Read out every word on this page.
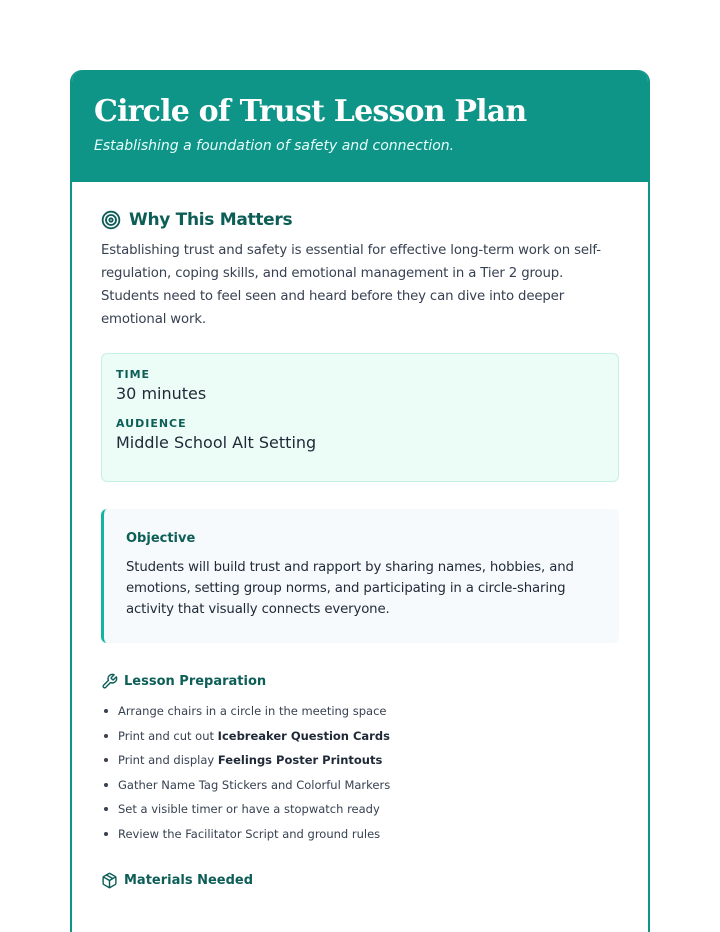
Circle of Trust Lesson Plan
Establishing a foundation of safety and connection.
Why This Matters

Establishing trust and safety is essential for effective long-term work on self-regulation, coping skills, and emotional management in a Tier 2 group. Students need to feel seen and heard before they can dive into deeper emotional work.

TIME
30 minutes
AUDIENCE
Middle School Alt Setting
Objective

Students will build trust and rapport by sharing names, hobbies, and emotions, setting group norms, and participating in a circle-sharing activity that visually connects everyone.

Lesson Preparation
Arrange chairs in a circle in the meeting space
Print and cut out Icebreaker Question Cards
Print and display Feelings Poster Printouts
Gather Name Tag Stickers and Colorful Markers
Set a visible timer or have a stopwatch ready
Review the Facilitator Script and ground rules
Materials Needed
